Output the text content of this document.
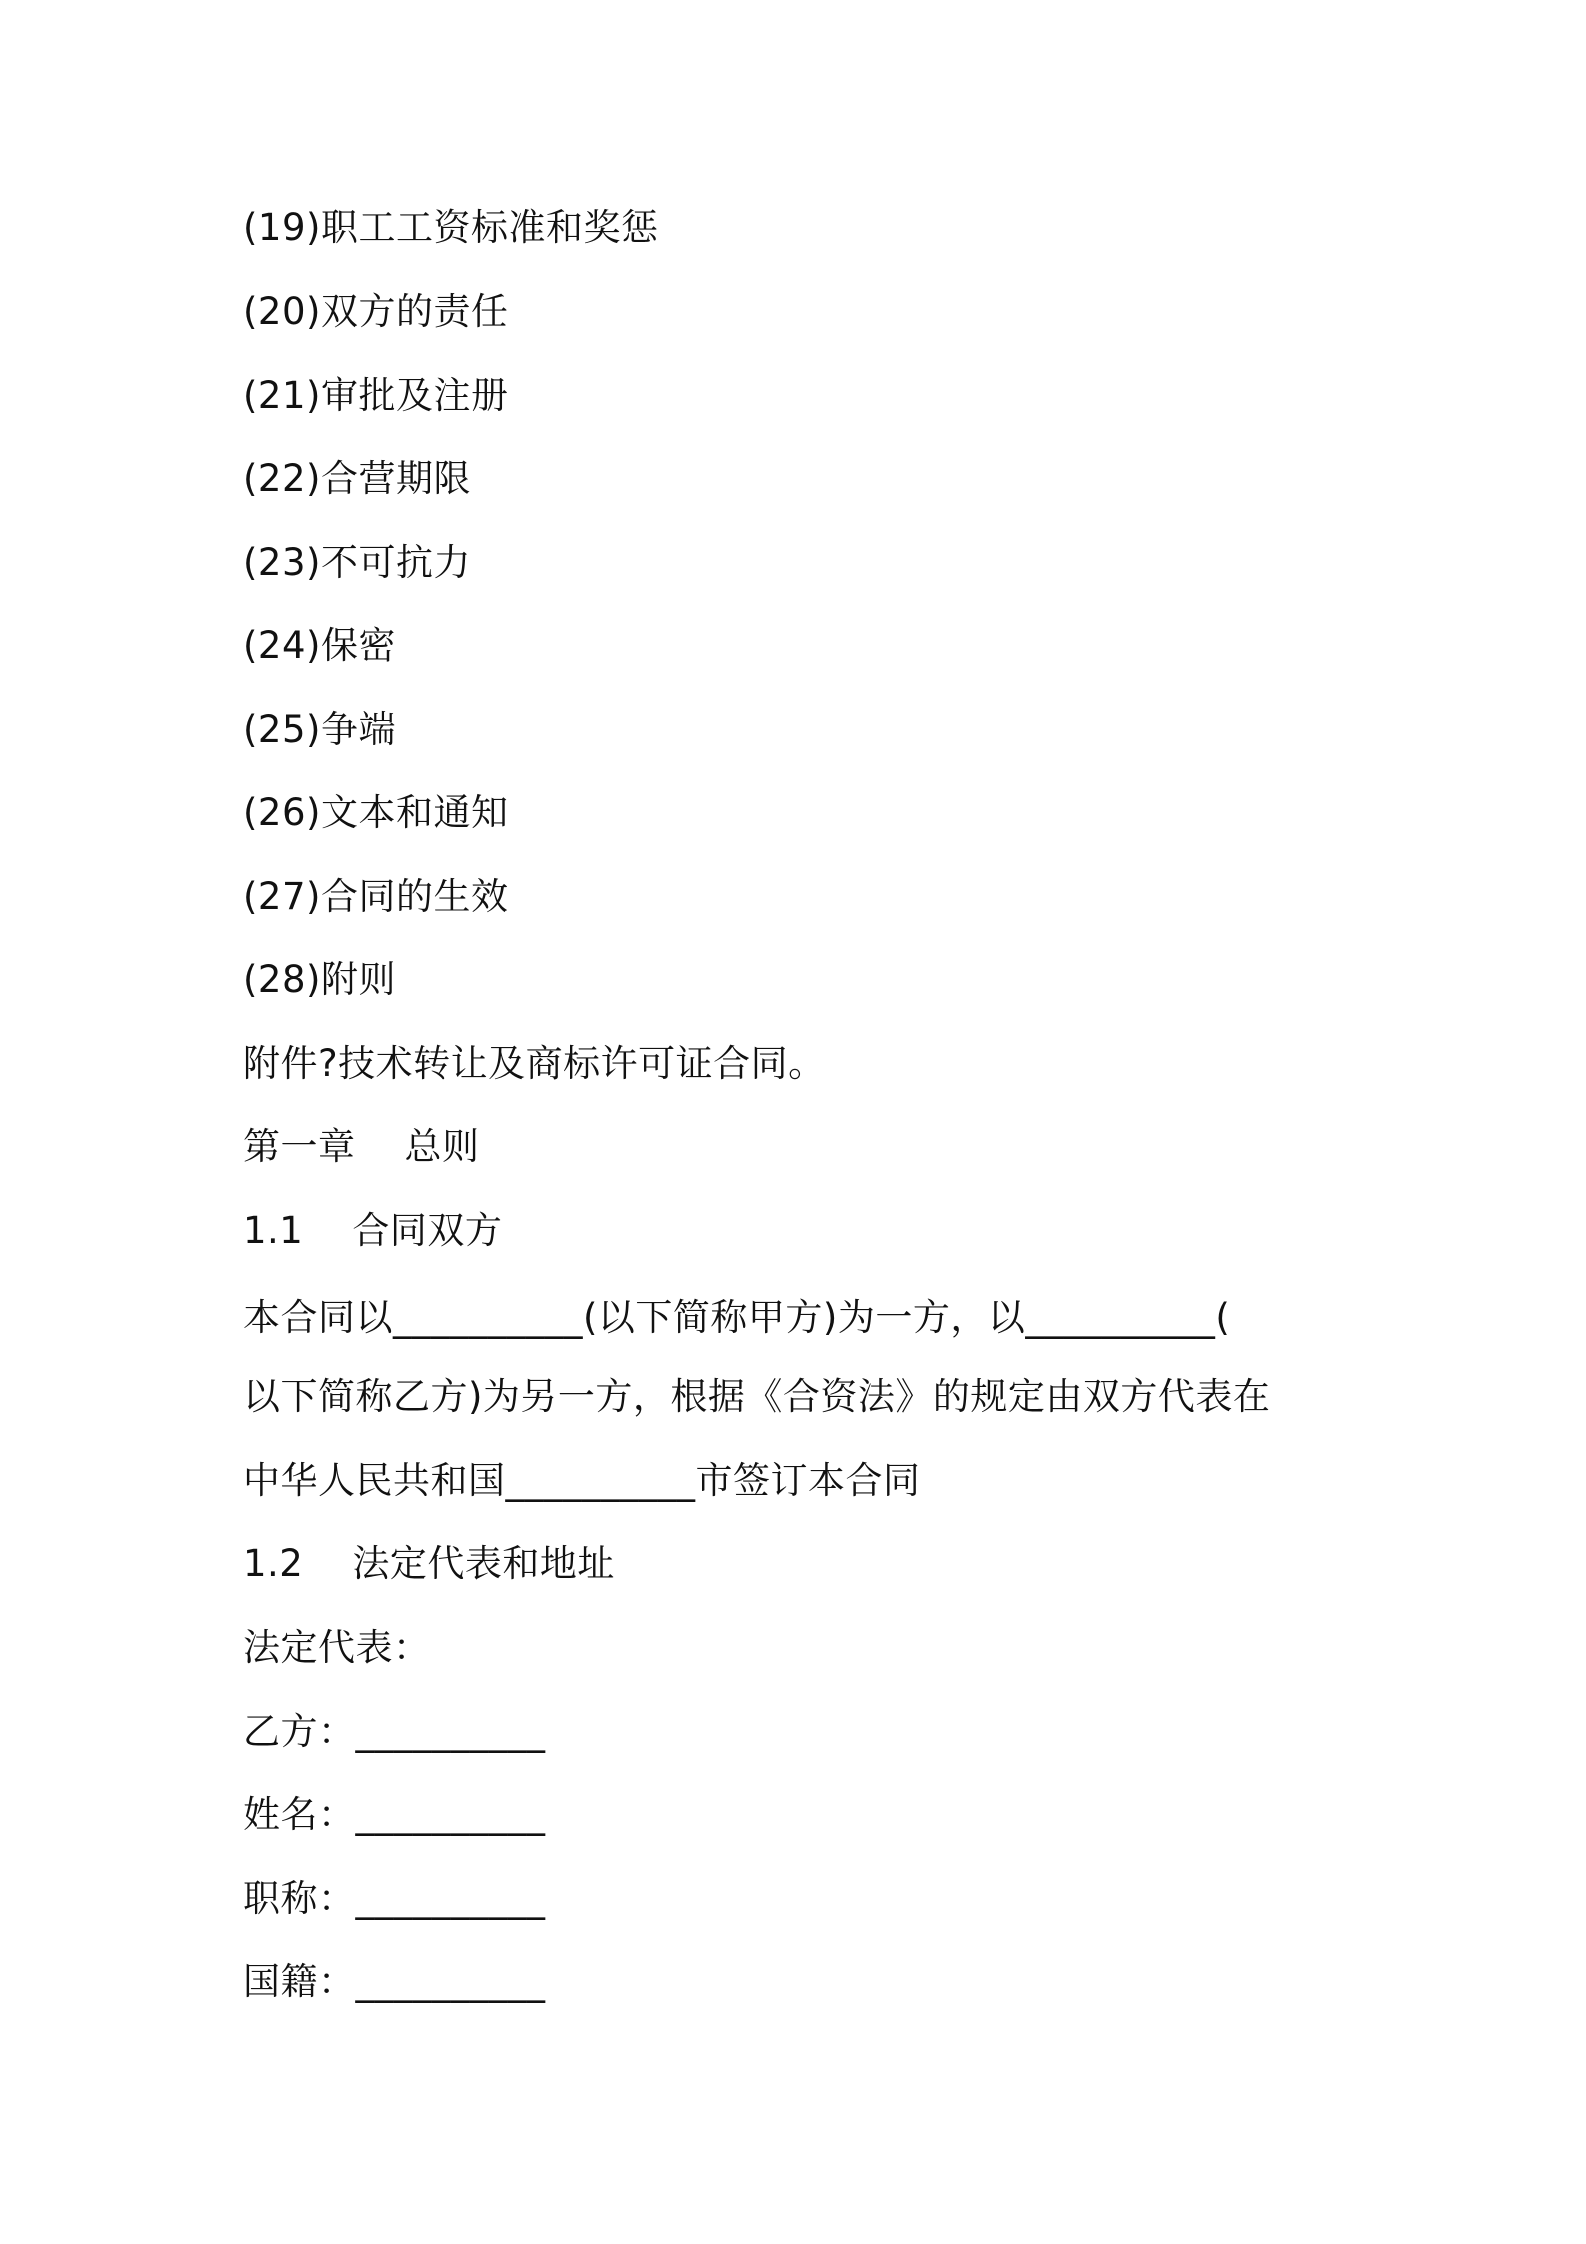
(19)职工工资标准和奖惩
(20)双方的责任
(21)审批及注册
(22)合营期限
(23)不可抗力
(24)保密
(25)争端
(26)文本和通知
(27)合同的生效
(28)附则
附件?技术转让及商标许可证合同。
第一章    总则
1.1    合同双方
本合同以__________(以下简称甲方)为一方，以__________(
以下简称乙方)为另一方，根据《合资法》的规定由双方代表在
中华人民共和国__________市签订本合同
1.2    法定代表和地址
法定代表：
乙方：__________
姓名：__________
职称：__________
国籍：__________
